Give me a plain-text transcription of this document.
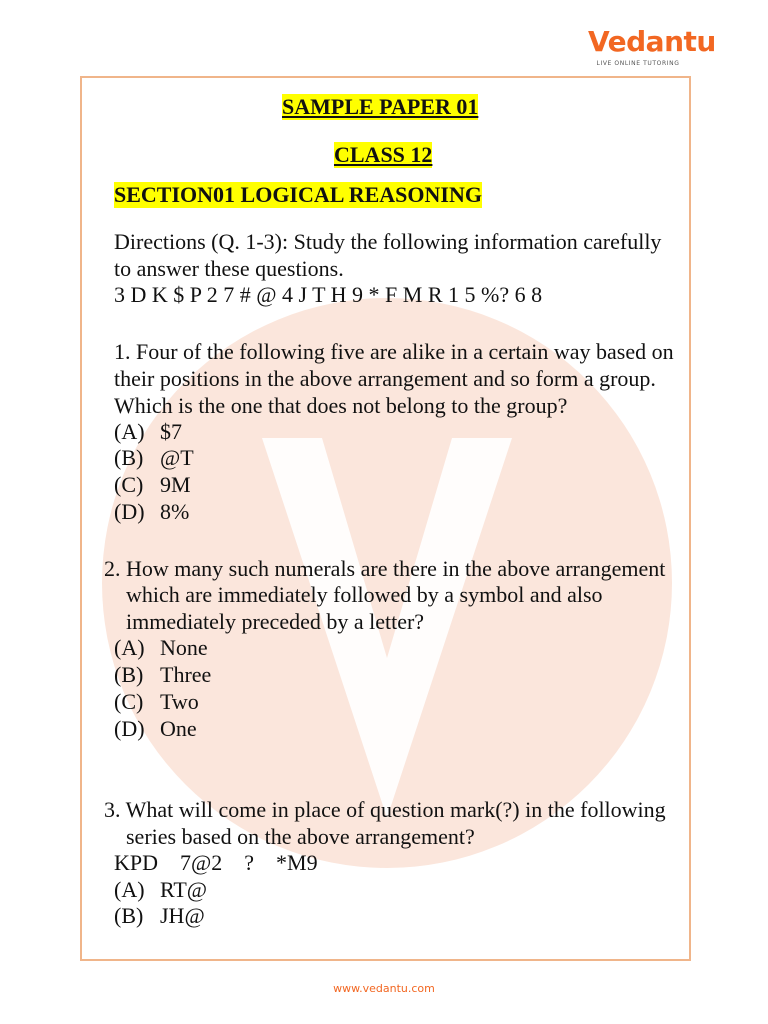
Vedantu
LIVE ONLINE TUTORING
SAMPLE PAPER 01
CLASS 12
SECTION01 LOGICAL REASONING
Directions (Q. 1-3): Study the following information carefully
to answer these questions.
3 D K $ P 2 7 # @ 4 J T H 9 * F M R 1 5 %? 6 8
1. Four of the following five are alike in a certain way based on
their positions in the above arrangement and so form a group.
Which is the one that does not belong to the group?
(A) $7
(B) @T
(C) 9M
(D) 8%
2. How many such numerals are there in the above arrangement
which are immediately followed by a symbol and also
immediately preceded by a letter?
(A) None
(B) Three
(C) Two
(D) One
3. What will come in place of question mark(?) in the following
series based on the above arrangement?
KPD    7@2    ?    *M9
(A) RT@
(B) JH@
www.vedantu.com
